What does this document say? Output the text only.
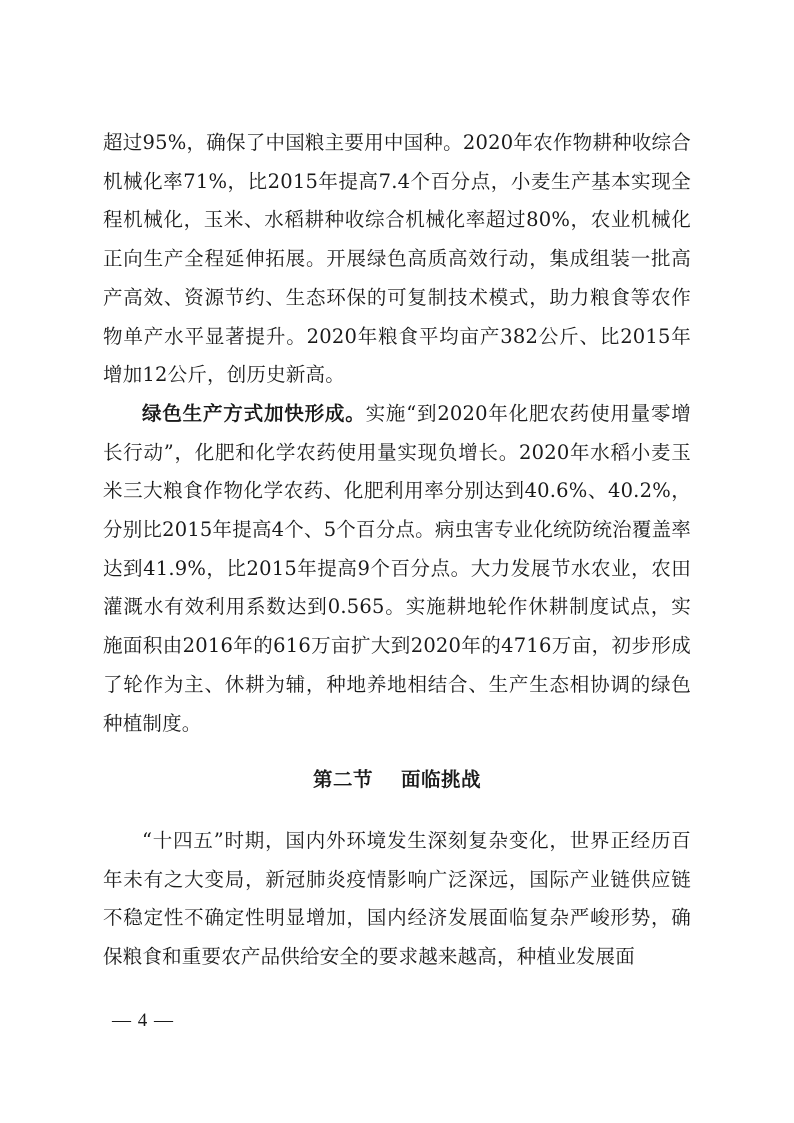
超过95%，确保了中国粮主要用中国种。2020年农作物耕种收综合机械化率71%，比2015年提高7.4个百分点，小麦生产基本实现全程机械化，玉米、水稻耕种收综合机械化率超过80%，农业机械化正向生产全程延伸拓展。开展绿色高质高效行动，集成组装一批高产高效、资源节约、生态环保的可复制技术模式，助力粮食等农作物单产水平显著提升。2020年粮食平均亩产382公斤、比2015年增加12公斤，创历史新高。

绿色生产方式加快形成。实施“到2020年化肥农药使用量零增长行动”，化肥和化学农药使用量实现负增长。2020年水稻小麦玉米三大粮食作物化学农药、化肥利用率分别达到40.6%、40.2%，分别比2015年提高4个、5个百分点。病虫害专业化统防统治覆盖率达到41.9%，比2015年提高9个百分点。大力发展节水农业，农田灌溉水有效利用系数达到0.565。实施耕地轮作休耕制度试点，实施面积由2016年的616万亩扩大到2020年的4716万亩，初步形成了轮作为主、休耕为辅，种地养地相结合、生产生态相协调的绿色种植制度。

第二节 面临挑战

“十四五”时期，国内外环境发生深刻复杂变化，世界正经历百年未有之大变局，新冠肺炎疫情影响广泛深远，国际产业链供应链不稳定性不确定性明显增加，国内经济发展面临复杂严峻形势，确保粮食和重要农产品供给安全的要求越来越高，种植业发展面

— 4 —
